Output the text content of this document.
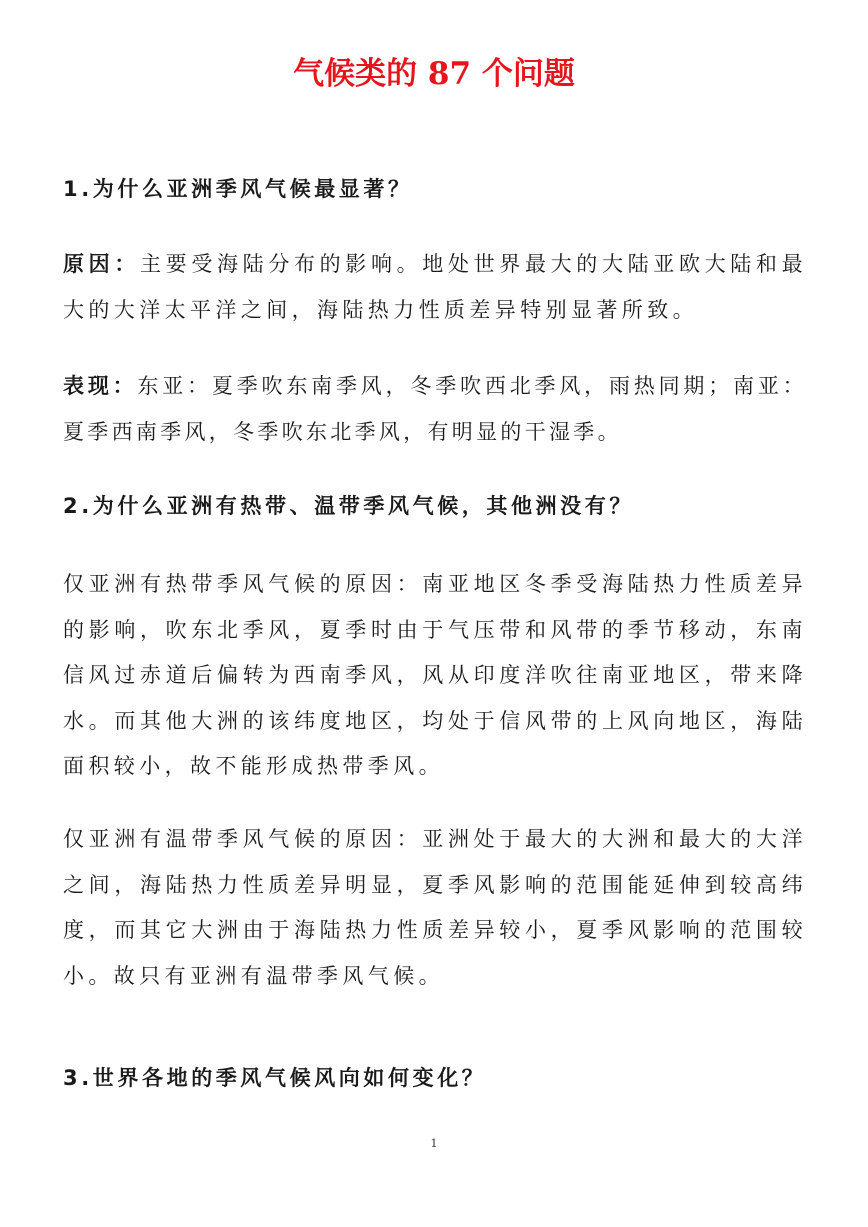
气候类的 87 个问题
1.为什么亚洲季风气候最显著？
原因：主要受海陆分布的影响。地处世界最大的大陆亚欧大陆和最大的大洋太平洋之间，海陆热力性质差异特别显著所致。
表现：东亚：夏季吹东南季风，冬季吹西北季风，雨热同期；南亚：夏季西南季风，冬季吹东北季风，有明显的干湿季。
2.为什么亚洲有热带、温带季风气候，其他洲没有？
仅亚洲有热带季风气候的原因：南亚地区冬季受海陆热力性质差异的影响，吹东北季风，夏季时由于气压带和风带的季节移动，东南信风过赤道后偏转为西南季风，风从印度洋吹往南亚地区，带来降水。而其他大洲的该纬度地区，均处于信风带的上风向地区，海陆面积较小，故不能形成热带季风。
仅亚洲有温带季风气候的原因：亚洲处于最大的大洲和最大的大洋之间，海陆热力性质差异明显，夏季风影响的范围能延伸到较高纬度，而其它大洲由于海陆热力性质差异较小，夏季风影响的范围较小。故只有亚洲有温带季风气候。
3.世界各地的季风气候风向如何变化？
1
